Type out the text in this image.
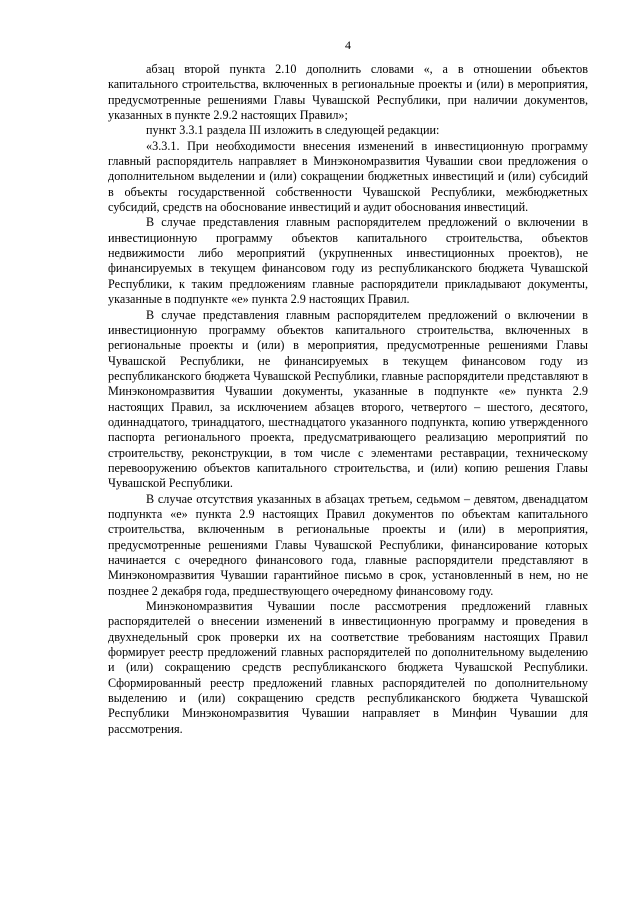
4

абзац второй пункта 2.10 дополнить словами «, а в отношении объектов капитального строительства, включенных в региональные проекты и (или) в мероприятия, предусмотренные решениями Главы Чувашской Республики, при наличии документов, указанных в пункте 2.9.2 настоящих Правил»;

пункт 3.3.1 раздела III изложить в следующей редакции:

«3.3.1. При необходимости внесения изменений в инвестиционную программу главный распорядитель направляет в Минэкономразвития Чувашии свои предложения о дополнительном выделении и (или) сокращении бюджетных инвестиций и (или) субсидий в объекты государственной собственности Чувашской Республики, межбюджетных субсидий, средств на обоснование инвестиций и аудит обоснования инвестиций.

В случае представления главным распорядителем предложений о включении в инвестиционную программу объектов капитального строительства, объектов недвижимости либо мероприятий (укрупненных инвестиционных проектов), не финансируемых в текущем финансовом году из республиканского бюджета Чувашской Республики, к таким предложениям главные распорядители прикладывают документы, указанные в подпункте «е» пункта 2.9 настоящих Правил.

В случае представления главным распорядителем предложений о включении в инвестиционную программу объектов капитального строительства, включенных в региональные проекты и (или) в мероприятия, предусмотренные решениями Главы Чувашской Республики, не финансируемых в текущем финансовом году из республиканского бюджета Чувашской Республики, главные распорядители представляют в Минэкономразвития Чувашии документы, указанные в подпункте «е» пункта 2.9 настоящих Правил, за исключением абзацев второго, четвертого – шестого, десятого, одиннадцатого, тринадцатого, шестнадцатого указанного подпункта, копию утвержденного паспорта регионального проекта, предусматривающего реализацию мероприятий по строительству, реконструкции, в том числе с элементами реставрации, техническому перевооружению объектов капитального строительства, и (или) копию решения Главы Чувашской Республики.

В случае отсутствия указанных в абзацах третьем, седьмом – девятом, двенадцатом подпункта «е» пункта 2.9 настоящих Правил документов по объектам капитального строительства, включенным в региональные проекты и (или) в мероприятия, предусмотренные решениями Главы Чувашской Республики, финансирование которых начинается с очередного финансового года, главные распорядители представляют в Минэкономразвития Чувашии гарантийное письмо в срок, установленный в нем, но не позднее 2 декабря года, предшествующего очередному финансовому году.

Минэкономразвития Чувашии после рассмотрения предложений главных распорядителей о внесении изменений в инвестиционную программу и проведения в двухнедельный срок проверки их на соответствие требованиям настоящих Правил формирует реестр предложений главных распорядителей по дополнительному выделению и (или) сокращению средств республиканского бюджета Чувашской Республики. Сформированный реестр предложений главных распорядителей по дополнительному выделению и (или) сокращению средств республиканского бюджета Чувашской Республики Минэкономразвития Чувашии направляет в Минфин Чувашии для рассмотрения.
